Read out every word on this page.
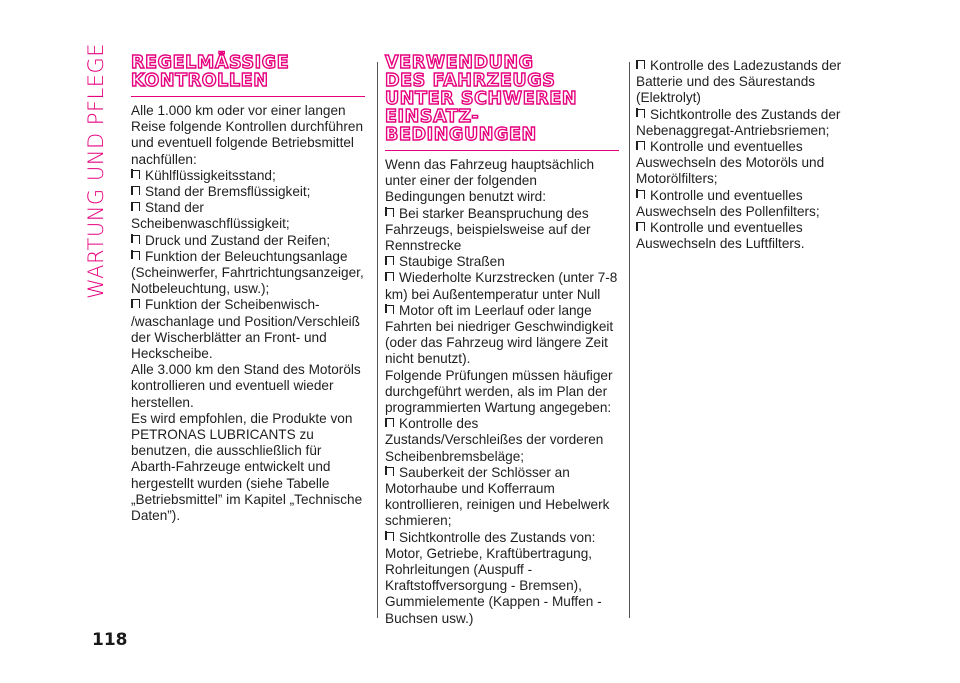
WARTUNG UND PFLEGE REGELMÄSSIGE
KONTROLLEN

Alle 1.000 km oder vor einer langen Reise folgende Kontrollen durchführen und eventuell folgende Betriebsmittel nachfüllen:

Kühlflüssigkeitsstand;
Stand der Bremsflüssigkeit;
Stand der Scheibenwaschflüssigkeit;
Druck und Zustand der Reifen;
Funktion der Beleuchtungsanlage (Scheinwerfer, Fahrtrichtungsanzeiger, Notbeleuchtung, usw.);
Funktion der Scheibenwisch- /waschanlage und Position/Verschleiß der Wischerblätter an Front- und Heckscheibe.

Alle 3.000 km den Stand des Motoröls kontrollieren und eventuell wieder herstellen.

Es wird empfohlen, die Produkte von PETRONAS LUBRICANTS zu benutzen, die ausschließlich für Abarth-Fahrzeuge entwickelt und hergestellt wurden (siehe Tabelle „Betriebsmittel” im Kapitel „Technische Daten”).

VERWENDUNG
DES FAHRZEUGS
UNTER SCHWEREN
EINSATZ-
BEDINGUNGEN

Wenn das Fahrzeug hauptsächlich unter einer der folgenden Bedingungen benutzt wird:

Bei starker Beanspruchung des Fahrzeugs, beispielsweise auf der Rennstrecke
Staubige Straßen
Wiederholte Kurzstrecken (unter 7-8 km) bei Außentemperatur unter Null
Motor oft im Leerlauf oder lange Fahrten bei niedriger Geschwindigkeit (oder das Fahrzeug wird längere Zeit nicht benutzt).

Folgende Prüfungen müssen häufiger durchgeführt werden, als im Plan der programmierten Wartung angegeben:

Kontrolle des Zustands/Verschleißes der vorderen Scheibenbremsbeläge;
Sauberkeit der Schlösser an Motorhaube und Kofferraum kontrollieren, reinigen und Hebelwerk schmieren;
Sichtkontrolle des Zustands von: Motor, Getriebe, Kraftübertragung, Rohrleitungen (Auspuff - Kraftstoffversorgung - Bremsen), Gummielemente (Kappen - Muffen - Buchsen usw.)
Kontrolle des Ladezustands der Batterie und des Säurestands (Elektrolyt)
Sichtkontrolle des Zustands der Nebenaggregat-Antriebsriemen;
Kontrolle und eventuelles Auswechseln des Motoröls und Motorölfilters;
Kontrolle und eventuelles Auswechseln des Pollenfilters;
Kontrolle und eventuelles Auswechseln des Luftfilters.
118
